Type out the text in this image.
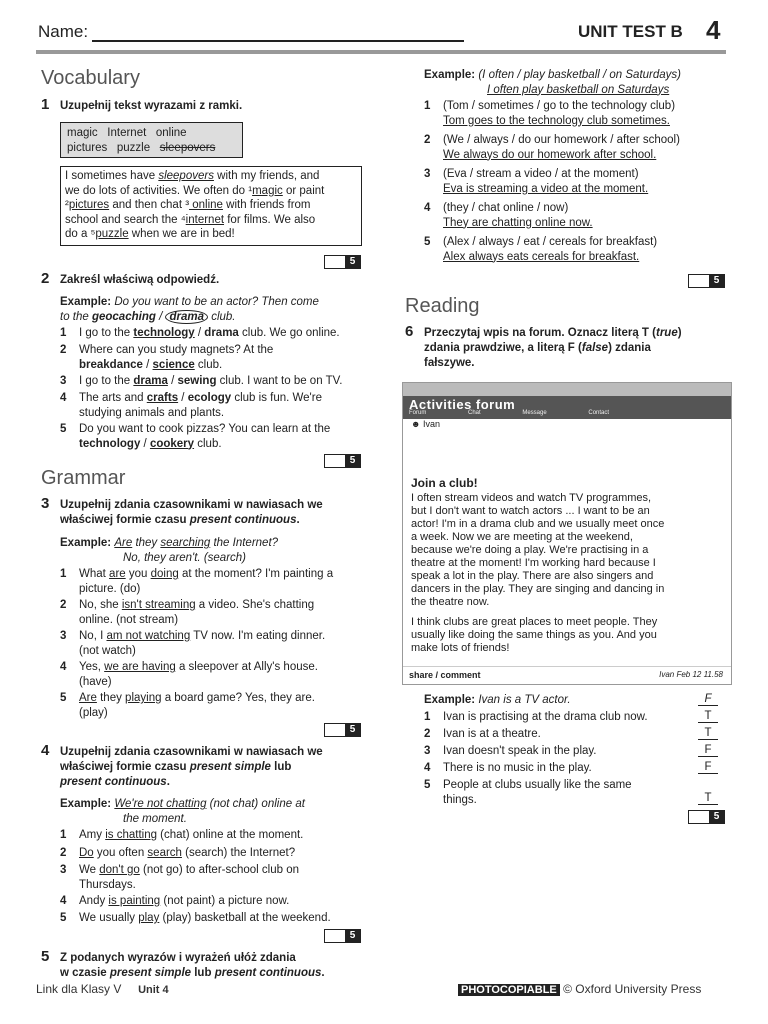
Name:	UNIT TEST B 4
Vocabulary
1 Uzupełnij tekst wyrazami z ramki.
magic Internet online
pictures puzzle sleepovers
I sometimes have sleepovers with my friends, and
we do lots of activities. We often do ¹magic or paint
²pictures and then chat ³ online with friends from
school and search the ⁴internet for films. We also
do a ⁵puzzle when we are in bed!
5
2 Zakreśl właściwą odpowiedź.
Example: Do you want to be an actor? Then come
to the geocaching / drama club.
1	I go to the technology / drama club. We go online.
2	Where can you study magnets? At the
breakdance / science club.
3	I go to the drama / sewing club. I want to be on TV.
4	The arts and crafts / ecology club is fun. We're
studying animals and plants.
5	Do you want to cook pizzas? You can learn at the
technology / cookery club.
5
Grammar
3 Uzupełnij zdania czasownikami w nawiasach we
właściwej formie czasu present continuous.
Example: Are they searching the Internet?
No, they aren't. (search)
1	What are you doing at the moment? I'm painting a
picture. (do)
2	No, she isn't streaming a video. She's chatting
online. (not stream)
3	No, I am not watching TV now. I'm eating dinner.
(not watch)
4	Yes, we are having a sleepover at Ally's house.
(have)
5	Are they playing a board game? Yes, they are.
(play)
5
4 Uzupełnij zdania czasownikami w nawiasach we
właściwej formie czasu present simple lub
present continuous.
Example: We're not chatting (not chat) online at
the moment.
1	Amy is chatting (chat) online at the moment.
2	Do you often search (search) the Internet?
3	We don't go (not go) to after-school club on
Thursdays.
4	Andy is painting (not paint) a picture now.
5	We usually play (play) basketball at the weekend.
5
5 Z podanych wyrazów i wyrażeń ułóż zdania
w czasie present simple lub present continuous.
Example: (I often / play basketball / on Saturdays)
I often play basketball on Saturdays
1	(Tom / sometimes / go to the technology club)
Tom goes to the technology club sometimes.
2	(We / always / do our homework / after school)
We always do our homework after school.
3	(Eva / stream a video / at the moment)
Eva is streaming a video at the moment.
4	(they / chat online / now)
They are chatting online now.
5	(Alex / always / eat / cereals for breakfast)
Alex always eats cereals for breakfast.
5
Reading
6 Przeczytaj wpis na forum. Oznacz literą T (true)
zdania prawdziwe, a literą F (false) zdania
fałszywe.
Activities forum
Forum Chat Message Contact
☻ Ivan
Join a club!
I often stream videos and watch TV programmes,
but I don't want to watch actors ... I want to be an
actor! I'm in a drama club and we usually meet once
a week. Now we are meeting at the weekend,
because we're doing a play. We're practising in a
theatre at the moment! I'm working hard because I
speak a lot in the play. There are also singers and
dancers in the play. They are singing and dancing in
the theatre now.
I think clubs are great places to meet people. They
usually like doing the same things as you. And you
make lots of friends!
share / comment	Ivan Feb 12 11.58
Example: Ivan is a TV actor.	F
1	Ivan is practising at the drama club now.	T
2	Ivan is at a theatre.	T
3	Ivan doesn't speak in the play.	F
4	There is no music in the play.	F
5	People at clubs usually like the same
things.	T
5
Link dla Klasy V Unit 4	PHOTOCOPIABLE © Oxford University Press
